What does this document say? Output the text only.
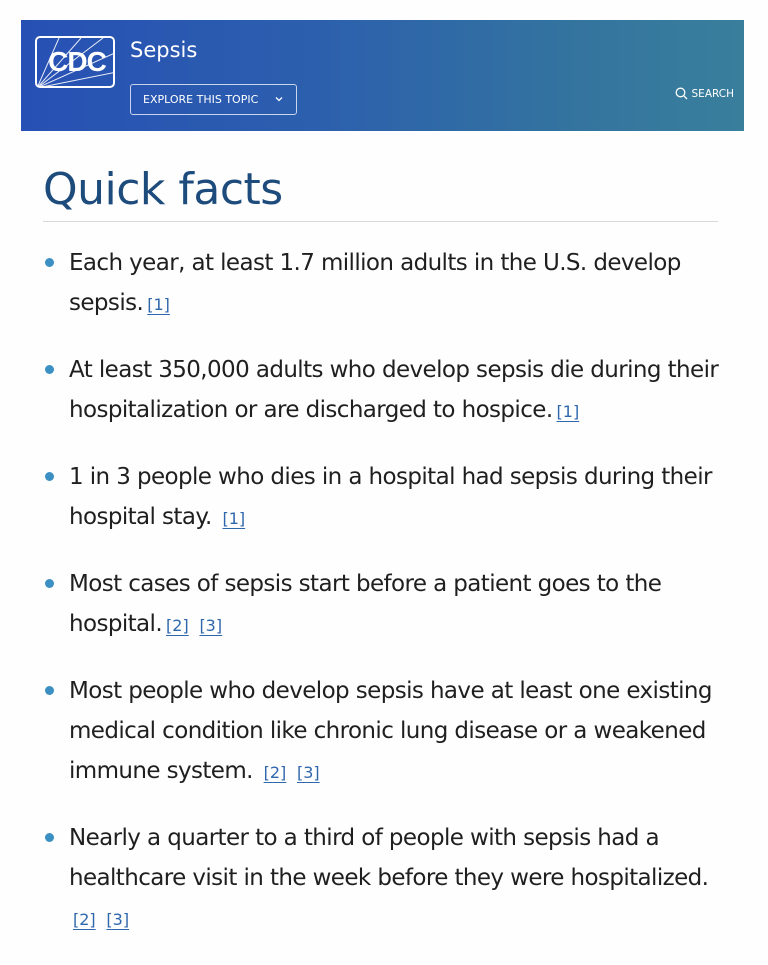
CDC	Sepsis
EXPLORE THIS TOPIC	SEARCH
Quick facts
Each year, at least 1.7 million adults in the U.S. develop sepsis. [1]
At least 350,000 adults who develop sepsis die during their hospitalization or are discharged to hospice. [1]
1 in 3 people who dies in a hospital had sepsis during their hospital stay. [1]
Most cases of sepsis start before a patient goes to the hospital. [2] [3]
Most people who develop sepsis have at least one existing medical condition like chronic lung disease or a weakened immune system. [2] [3]
Nearly a quarter to a third of people with sepsis had a healthcare visit in the week before they were hospitalized.[2] [3]
